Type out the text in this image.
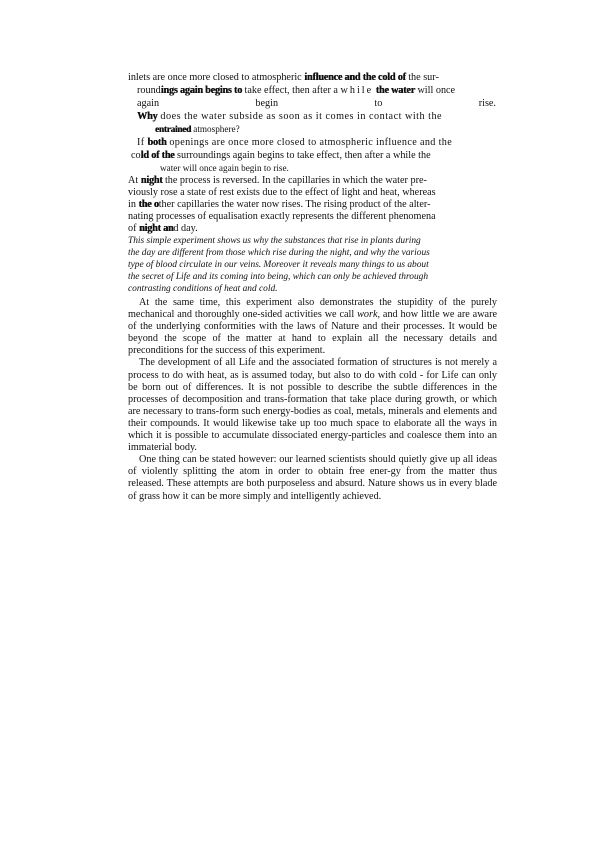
inlets are once more closed to atmospheric influence and the cold of the sur-
roundings again begins to take effect, then after a while the water will once
again	begin	to	rise.
Why does the water subside as soon as it comes in contact with the
entrained atmosphere?
If both openings are once more closed to atmospheric influence and the
cold of the surroundings again begins to take effect, then after a while the
water will once again begin to rise.
At night the process is reversed. In the capillaries in which the water pre-
viously rose a state of rest exists due to the effect of light and heat, whereas
in the other capillaries the water now rises. The rising product of the alter-
nating processes of equalisation exactly represents the different phenomena
of night and day.
This simple experiment shows us why the substances that rise in plants during
the day are different from those which rise during the night, and why the various
type of blood circulate in our veins. Moreover it reveals many things to us about
the secret of Life and its coming into being, which can only be achieved through
contrasting conditions of heat and cold.

At the same time, this experiment also demonstrates the stupidity of the purely mechanical and thoroughly one-sided activities we call work, and how little we are aware of the underlying conformities with the laws of Nature and their processes. It would be beyond the scope of the matter at hand to explain all the necessary details and preconditions for the success of this experiment.

The development of all Life and the associated formation of structures is not merely a process to do with heat, as is assumed today, but also to do with cold - for Life can only be born out of differences. It is not possible to describe the subtle differences in the processes of decomposition and trans-formation that take place during growth, or which are necessary to trans-form such energy-bodies as coal, metals, minerals and elements and their compounds. It would likewise take up too much space to elaborate all the ways in which it is possible to accumulate dissociated energy-particles and coalesce them into an immaterial body.

One thing can be stated however: our learned scientists should quietly give up all ideas of violently splitting the atom in order to obtain free ener-gy from the matter thus released. These attempts are both purposeless and absurd. Nature shows us in every blade of grass how it can be more simply and intelligently achieved.
